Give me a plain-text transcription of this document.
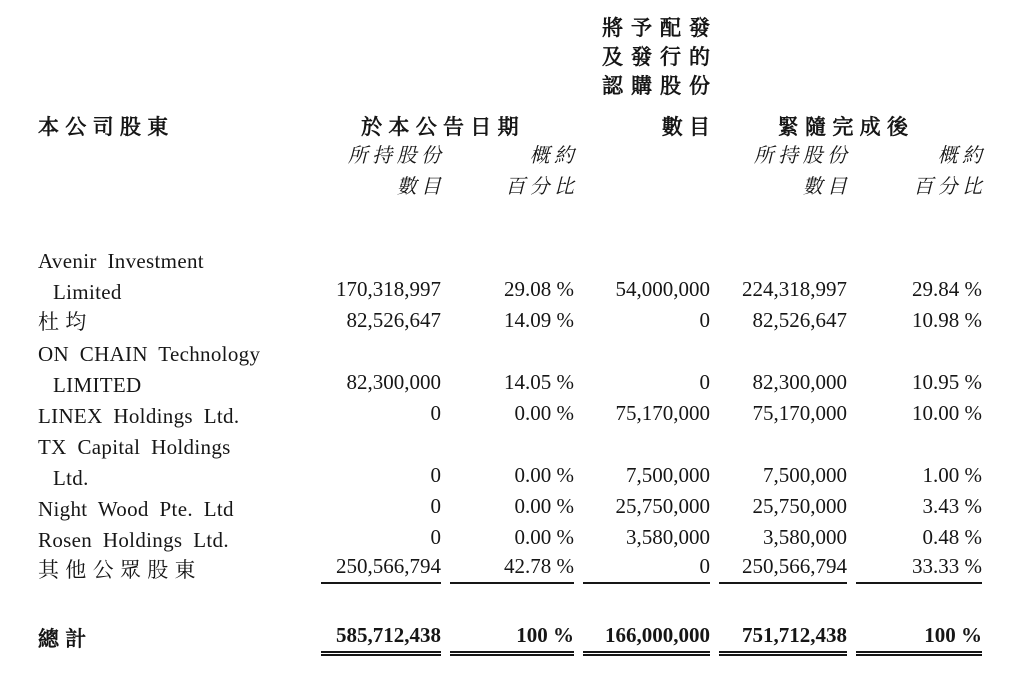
			將予配發
及發行的
認購股份		

本公司股東	於本公告日期		數目	緊隨完成後	
	所持股份	概約		所持股份	概約
	數目	百分比		數目	百分比

Avenir Investment					
Limited	170,318,997	29.08 %	54,000,000	224,318,997	29.84 %

杜均	82,526,647	14.09 %	0	82,526,647	10.98 %

ON CHAIN Technology					
LIMITED	82,300,000	14.05 %	0	82,300,000	10.95 %

LINEX Holdings Ltd.	0	0.00 %	75,170,000	75,170,000	10.00 %

TX Capital Holdings					
Ltd.	0	0.00 %	7,500,000	7,500,000	1.00 %

Night Wood Pte. Ltd	0	0.00 %	25,750,000	25,750,000	3.43 %

Rosen Holdings Ltd.	0	0.00 %	3,580,000	3,580,000	0.48 %

其他公眾股東	250,566,794	42.78 %	0	250,566,794	33.33 %

總計	585,712,438	100 %	166,000,000	751,712,438	100 %
